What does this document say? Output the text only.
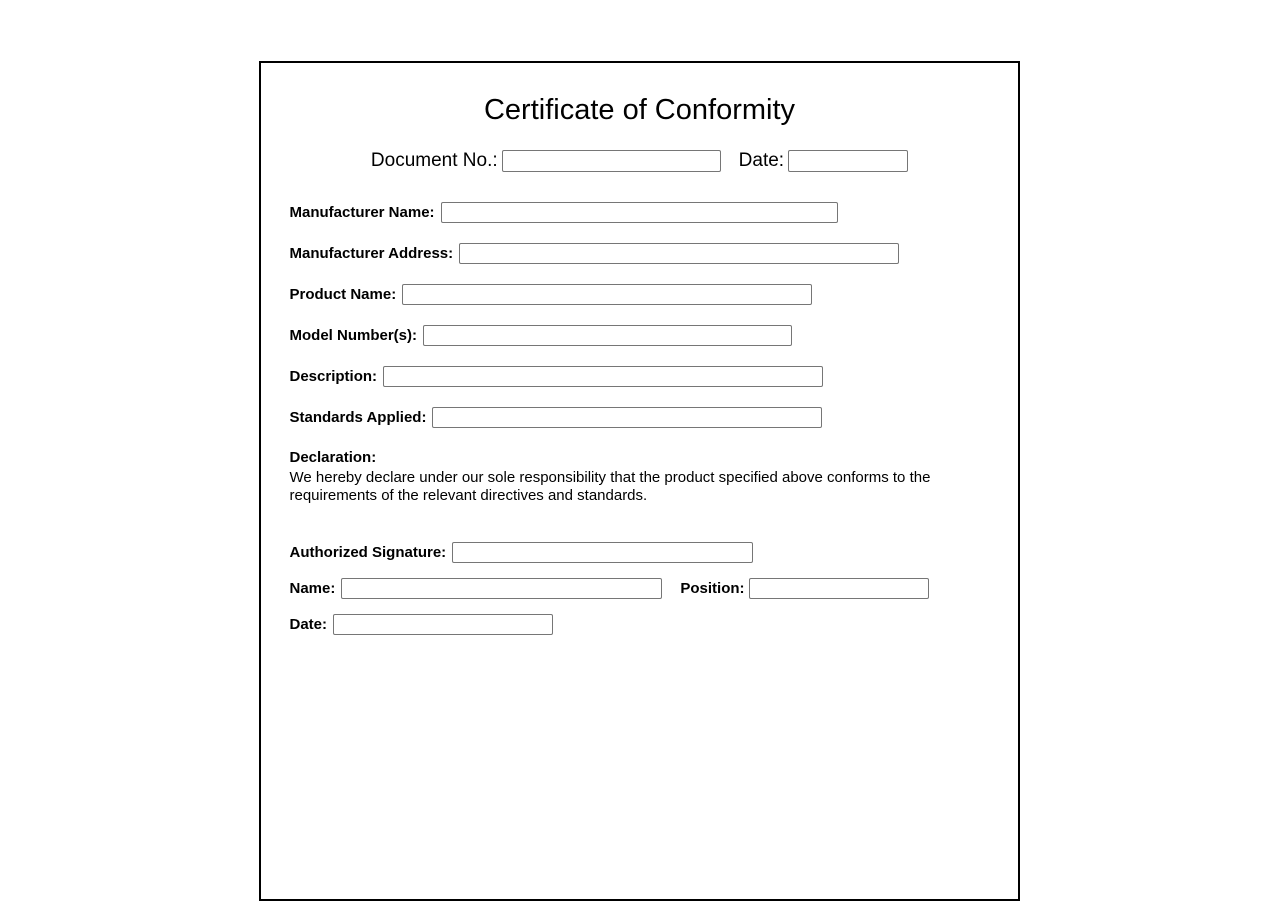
Certificate of Conformity
Document No.:	Date:
Manufacturer Name:
Manufacturer Address:
Product Name:
Model Number(s):
Description:
Standards Applied:
Declaration:
We hereby declare under our sole responsibility that the product specified above conforms to the requirements of the relevant directives and standards.
Authorized Signature:
Name:	Position:
Date:
